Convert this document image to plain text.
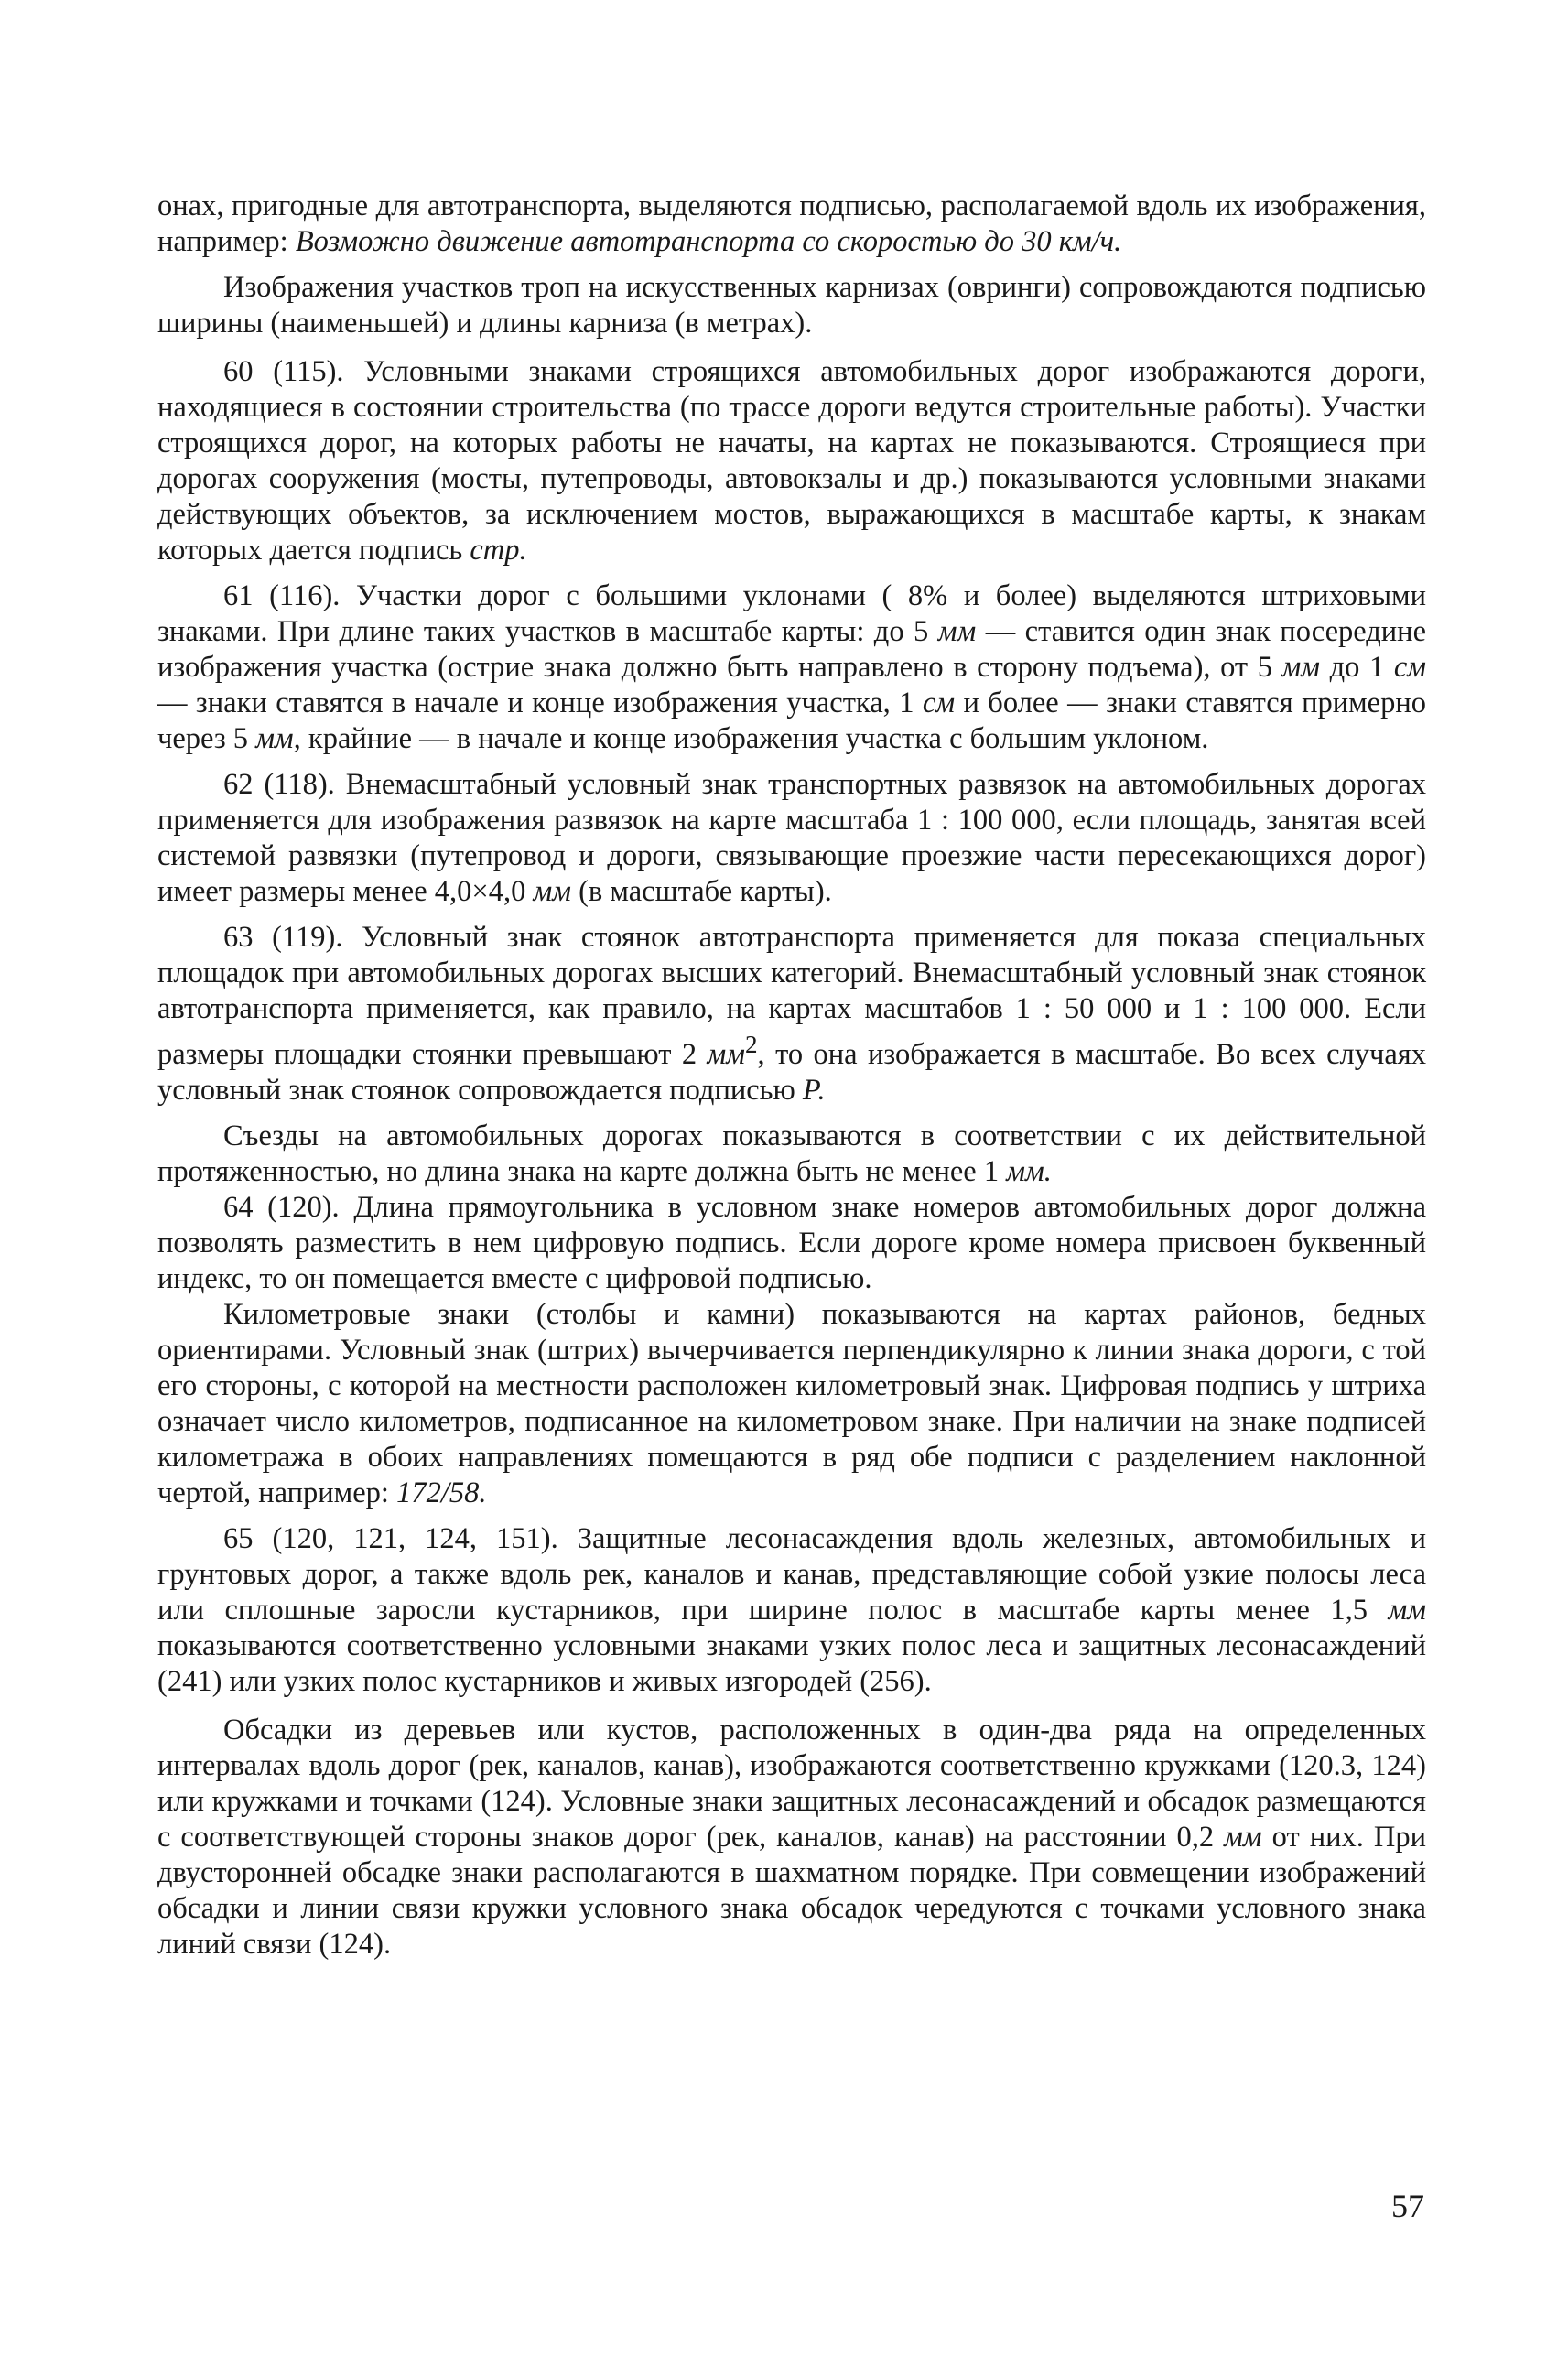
онах, пригодные для автотранспорта, выделяются подписью, располагаемой вдоль их изображения, например: Возможно движение автотранспорта со скоростью до 30 км/ч.

Изображения участков троп на искусственных карнизах (овринги) сопровождаются подписью ширины (наименьшей) и длины карниза (в метрах).

60 (115). Условными знаками строящихся автомобильных дорог изображаются дороги, находящиеся в состоянии строительства (по трассе дороги ведутся строительные работы). Участки строящихся дорог, на которых работы не начаты, на картах не показываются. Строящиеся при дорогах сооружения (мосты, путепроводы, автовокзалы и др.) показываются условными знаками действующих объектов, за исключением мостов, выражающихся в масштабе карты, к знакам которых дается подпись стр.

61 (116). Участки дорог с большими уклонами ( 8% и более) выделяются штриховыми знаками. При длине таких участков в масштабе карты: до 5 мм — ставится один знак посередине изображения участка (острие знака должно быть направлено в сторону подъема), от 5 мм до 1 см — знаки ставятся в начале и конце изображения участка, 1 см и более — знаки ставятся примерно через 5 мм, крайние — в начале и конце изображения участка с большим уклоном.

62 (118). Внемасштабный условный знак транспортных развязок на автомобильных дорогах применяется для изображения развязок на карте масштаба 1 : 100 000, если площадь, занятая всей системой развязки (путепровод и дороги, связывающие проезжие части пересекающихся дорог) имеет размеры менее 4,0×4,0 мм (в масштабе карты).

63 (119). Условный знак стоянок автотранспорта применяется для показа специальных площадок при автомобильных дорогах высших категорий. Внемасштабный условный знак стоянок автотранспорта применяется, как правило, на картах масштабов 1 : 50 000 и 1 : 100 000. Если размеры площадки стоянки превышают 2 $мм^2$, то она изображается в масштабе. Во всех случаях условный знак стоянок сопровождается подписью Р.

Съезды на автомобильных дорогах показываются в соответствии с их действительной протяженностью, но длина знака на карте должна быть не менее 1 мм.

64 (120). Длина прямоугольника в условном знаке номеров автомобильных дорог должна позволять разместить в нем цифровую подпись. Если дороге кроме номера присвоен буквенный индекс, то он помещается вместе с цифровой подписью.

Километровые знаки (столбы и камни) показываются на картах районов, бедных ориентирами. Условный знак (штрих) вычерчивается перпендикулярно к линии знака дороги, с той его стороны, с которой на местности расположен километровый знак. Цифровая подпись у штриха означает число километров, подписанное на километровом знаке. При наличии на знаке подписей километража в обоих направлениях помещаются в ряд обе подписи с разделением наклонной чертой, например: 172/58.

65 (120, 121, 124, 151). Защитные лесонасаждения вдоль железных, автомобильных и грунтовых дорог, а также вдоль рек, каналов и канав, представляющие собой узкие полосы леса или сплошные заросли кустарников, при ширине полос в масштабе карты менее 1,5 мм показываются соответственно условными знаками узких полос леса и защитных лесонасаждений (241) или узких полос кустарников и живых изгородей (256).

Обсадки из деревьев или кустов, расположенных в один-два ряда на определенных интервалах вдоль дорог (рек, каналов, канав), изображаются соответственно кружками (120.3, 124) или кружками и точками (124). Условные знаки защитных лесонасаждений и обсадок размещаются с соответствующей стороны знаков дорог (рек, каналов, канав) на расстоянии 0,2 мм от них. При двусторонней обсадке знаки располагаются в шахматном порядке. При совмещении изображений обсадки и линии связи кружки условного знака обсадок чередуются с точками условного знака линий связи (124).

57
